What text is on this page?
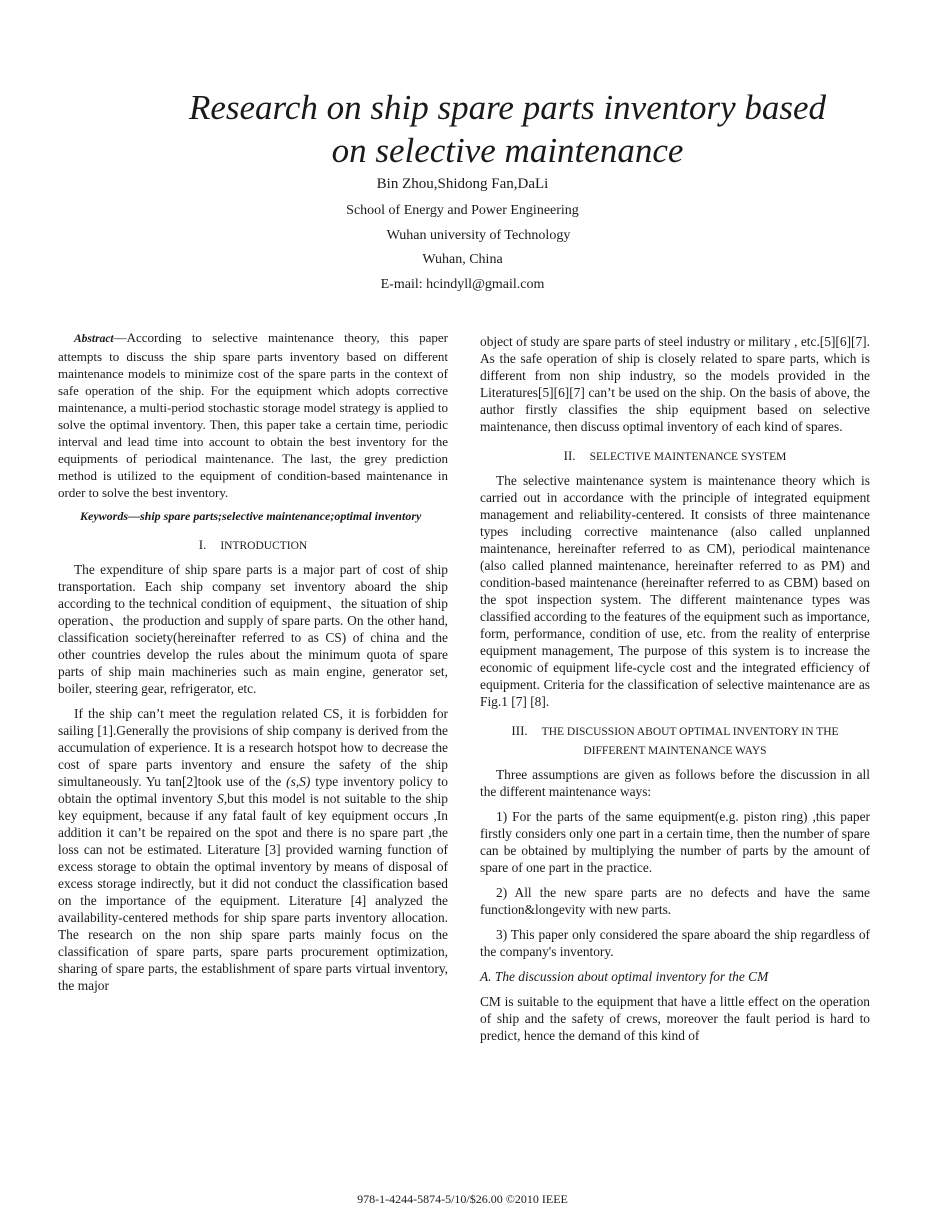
Research on ship spare parts inventory based
on selective maintenance
Bin Zhou,Shidong Fan,DaLi
School of Energy and Power Engineering
Wuhan university of Technology
Wuhan, China
E-mail: hcindyll@gmail.com

Abstract—According to selective maintenance theory, this paper attempts to discuss the ship spare parts inventory based on different maintenance models to minimize cost of the spare parts in the context of safe operation of the ship. For the equipment which adopts corrective maintenance, a multi-period stochastic storage model strategy is applied to solve the optimal inventory. Then, this paper take a certain time, periodic interval and lead time into account to obtain the best inventory for the equipments of periodical maintenance. The last, the grey prediction method is utilized to the equipment of condition-based maintenance in order to solve the best inventory.

Keywords—ship spare parts;selective maintenance;optimal inventory

I. INTRODUCTION

The expenditure of ship spare parts is a major part of cost of ship transportation. Each ship company set inventory aboard the ship according to the technical condition of equipment、the situation of ship operation、the production and supply of spare parts. On the other hand, classification society(hereinafter referred to as CS) of china and the other countries develop the rules about the minimum quota of spare parts of ship main machineries such as main engine, generator set, boiler, steering gear, refrigerator, etc.

If the ship can’t meet the regulation related CS, it is forbidden for sailing [1].Generally the provisions of ship company is derived from the accumulation of experience. It is a research hotspot how to decrease the cost of spare parts inventory and ensure the safety of the ship simultaneously. Yu tan[2]took use of the (s,S) type inventory policy to obtain the optimal inventory S,but this model is not suitable to the ship key equipment, because if any fatal fault of key equipment occurs ,In addition it can’t be repaired on the spot and there is no spare part ,the loss can not be estimated. Literature [3] provided warning function of excess storage to obtain the optimal inventory by means of disposal of excess storage indirectly, but it did not conduct the classification based on the importance of the equipment. Literature [4] analyzed the availability-centered methods for ship spare parts inventory allocation. The research on the non ship spare parts mainly focus on the classification of spare parts, spare parts procurement optimization, sharing of spare parts, the establishment of spare parts virtual inventory, the major

object of study are spare parts of steel industry or military , etc.[5][6][7]. As the safe operation of ship is closely related to spare parts, which is different from non ship industry, so the models provided in the Literatures[5][6][7] can’t be used on the ship. On the basis of above, the author firstly classifies the ship equipment based on selective maintenance, then discuss optimal inventory of each kind of spares.

II. SELECTIVE MAINTENANCE SYSTEM

The selective maintenance system is maintenance theory which is carried out in accordance with the principle of integrated equipment management and reliability-centered. It consists of three maintenance types including corrective maintenance (also called unplanned maintenance, hereinafter referred to as CM), periodical maintenance (also called planned maintenance, hereinafter referred to as PM) and condition-based maintenance (hereinafter referred to as CBM) based on the spot inspection system. The different maintenance types was classified according to the features of the equipment such as importance, form, performance, condition of use, etc. from the reality of enterprise equipment management, The purpose of this system is to increase the economic of equipment life-cycle cost and the integrated efficiency of equipment. Criteria for the classification of selective maintenance are as Fig.1 [7] [8].

III. THE DISCUSSION ABOUT OPTIMAL INVENTORY IN THE
DIFFERENT MAINTENANCE WAYS

Three assumptions are given as follows before the discussion in all the different maintenance ways:

1) For the parts of the same equipment(e.g. piston ring) ,this paper firstly considers only one part in a certain time, then the number of spare can be obtained by multiplying the number of parts by the amount of spare of one part in the practice.

2) All the new spare parts are no defects and have the same function&longevity with new parts.

3) This paper only considered the spare aboard the ship regardless of the company's inventory.

A. The discussion about optimal inventory for the CM

CM is suitable to the equipment that have a little effect on the operation of ship and the safety of crews, moreover the fault period is hard to predict, hence the demand of this kind of

978-1-4244-5874-5/10/$26.00 ©2010 IEEE
